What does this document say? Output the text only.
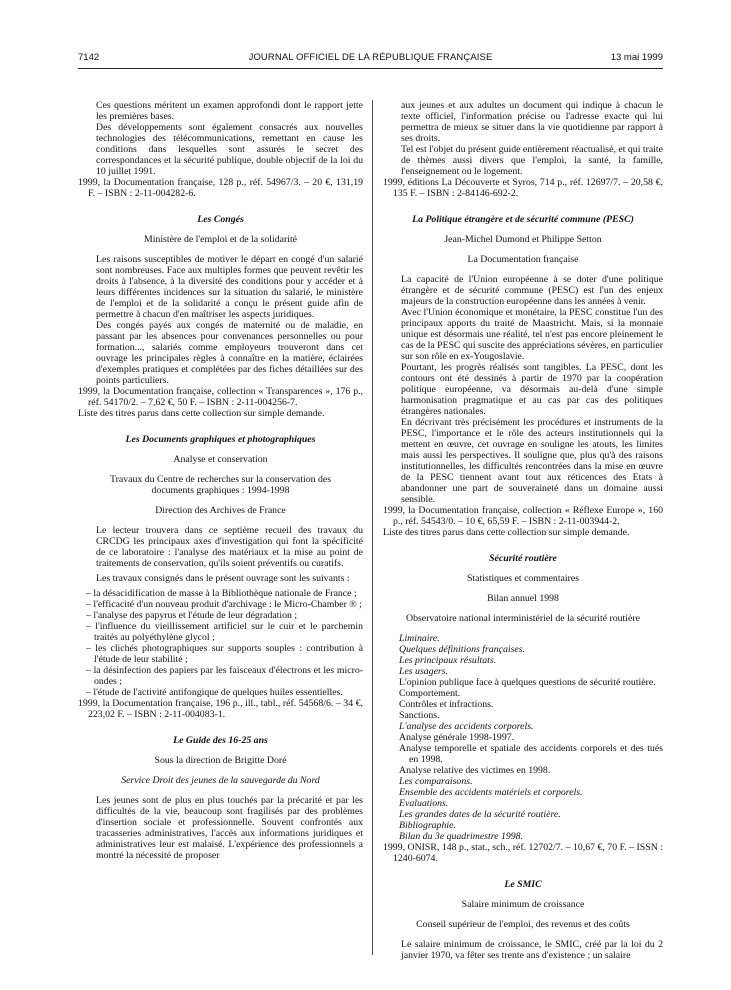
7142	JOURNAL OFFICIEL DE LA RÉPUBLIQUE FRANÇAISE	13 mai 1999

Ces questions méritent un examen approfondi dont le rapport jette les premières bases.

Des développements sont également consacrés aux nouvelles technologies des télécommunications, remettant en cause les conditions dans lesquelles sont assurés le secret des correspondances et la sécurité publique, double objectif de la loi du 10 juillet 1991.

1999, la Documentation française, 128 p., réf. 54967/3. – 20 €, 131,19 F. – ISBN : 2-11-004282-6.

Les Congés

Ministère de l'emploi et de la solidarité

Les raisons susceptibles de motiver le départ en congé d'un salarié sont nombreuses. Face aux multiples formes que peuvent revêtir les droits à l'absence, à la diversité des conditions pour y accéder et à leurs différentes incidences sur la situation du salarié, le ministère de l'emploi et de la solidarité a conçu le présent guide afin de permettre à chacun d'en maîtriser les aspects juridiques.

Des congés payés aux congés de maternité ou de maladie, en passant par les absences pour convenances personnelles ou pour formation..., salariés comme employeurs trouveront dans cet ouvrage les principales règles à connaître en la matière, éclairées d'exemples pratiques et complétées par des fiches détaillées sur des points particuliers.

1999, la Documentation française, collection « Transparences », 176 p., réf. 54170/2. – 7,62 €, 50 F. – ISBN : 2-11-004256-7.

Liste des titres parus dans cette collection sur simple demande.

Les Documents graphiques et photographiques

Analyse et conservation

Travaux du Centre de recherches sur la conservation des documents graphiques : 1994-1998

Direction des Archives de France

Le lecteur trouvera dans ce septième recueil des travaux du CRCDG les principaux axes d'investigation qui font la spécificité de ce laboratoire : l'analyse des matériaux et la mise au point de traitements de conservation, qu'ils soient préventifs ou curatifs.

Les travaux consignés dans le présent ouvrage sont les suivants :

– la désacidification de masse à la Bibliothèque nationale de France ;

– l'efficacité d'un nouveau produit d'archivage : le Micro-Chamber ® ;

– l'analyse des papyrus et l'étude de leur dégradation ;

– l'influence du vieillissement artificiel sur le cuir et le parchemin traités au polyéthylène glycol ;

– les clichés photographiques sur supports souples : contribution à l'étude de leur stabilité ;

– la désinfection des papiers par les faisceaux d'électrons et les micro-ondes ;

– l'étude de l'activité antifongique de quelques huiles essentielles.

1999, la Documentation française, 196 p., ill., tabl., réf. 54568/6. – 34 €, 223,02 F. – ISBN : 2-11-004083-1.

Le Guide des 16-25 ans

Sous la direction de Brigitte Doré

Service Droit des jeunes de la sauvegarde du Nord

Les jeunes sont de plus en plus touchés par la précarité et par les difficultés de la vie, beaucoup sont fragilisés par des problèmes d'insertion sociale et professionnelle. Souvent confrontés aux tracasseries administratives, l'accès aux informations juridiques et administratives leur est malaisé. L'expérience des professionnels a montré la nécessité de proposer

aux jeunes et aux adultes un document qui indique à chacun le texte officiel, l'information précise ou l'adresse exacte qui lui permettra de mieux se situer dans la vie quotidienne par rapport à ses droits.

Tel est l'objet du présent guide entièrement réactualisé, et qui traite de thèmes aussi divers que l'emploi, la santé, la famille, l'enseignement ou le logement.

1999, éditions La Découverte et Syros, 714 p., réf. 12697/7. – 20,58 €, 135 F. – ISBN : 2-84146-692-2.

La Politique étrangère et de sécurité commune (PESC)

Jean-Michel Dumond et Philippe Setton

La Documentation française

La capacité de l'Union européenne à se doter d'une politique étrangère et de sécurité commune (PESC) est l'un des enjeux majeurs de la construction européenne dans les années à venir.

Avec l'Union économique et monétaire, la PESC constitue l'un des principaux apports du traité de Maastricht. Mais, si la monnaie unique est désormais une réalité, tel n'est pas encore pleinement le cas de la PESC qui suscite des appréciations sévères, en particulier sur son rôle en ex-Yougoslavie.

Pourtant, les progrès réalisés sont tangibles. La PESC, dont les contours ont été dessinés à partir de 1970 par la coopération politique européenne, va désormais au-delà d'une simple harmonisation pragmatique et au cas par cas des politiques étrangères nationales.

En décrivant très précisément les procédures et instruments de la PESC, l'importance et le rôle des acteurs institutionnels qui la mettent en œuvre, cet ouvrage en souligne les atouts, les limites mais aussi les perspectives. Il souligne que, plus qu'à des raisons institutionnelles, les difficultés rencontrées dans la mise en œuvre de la PESC tiennent avant tout aux réticences des Etats à abandonner une part de souveraineté dans un domaine aussi sensible.

1999, la Documentation française, collection « Réflexe Europe », 160 p., réf. 54543/0. – 10 €, 65,59 F. – ISBN : 2-11-003944-2.

Liste des titres parus dans cette collection sur simple demande.

Sécurité routière

Statistiques et commentaires

Bilan annuel 1998

Observatoire national interministériel de la sécurité routière

Liminaire.

Quelques définitions françaises.

Les principaux résultats.

Les usagers.

L'opinion publique face à quelques questions de sécurité routière.

Comportement.

Contrôles et infractions.

Sanctions.

L'analyse des accidents corporels.

Analyse générale 1998-1997.

Analyse temporelle et spatiale des accidents corporels et des tués en 1998.

Analyse relative des victimes en 1998.

Les comparaisons.

Ensemble des accidents matériels et corporels.

Evaluations.

Les grandes dates de la sécurité routière.

Bibliographie.

Bilan du 3e quadrimestre 1998.

1999, ONISR, 148 p., stat., sch., réf. 12702/7. – 10,67 €, 70 F. – ISSN : 1240-6074.

Le SMIC

Salaire minimum de croissance

Conseil supérieur de l'emploi, des revenus et des coûts

Le salaire minimum de croissance, le SMIC, créé par la loi du 2 janvier 1970, va fêter ses trente ans d'existence ; un salaire
